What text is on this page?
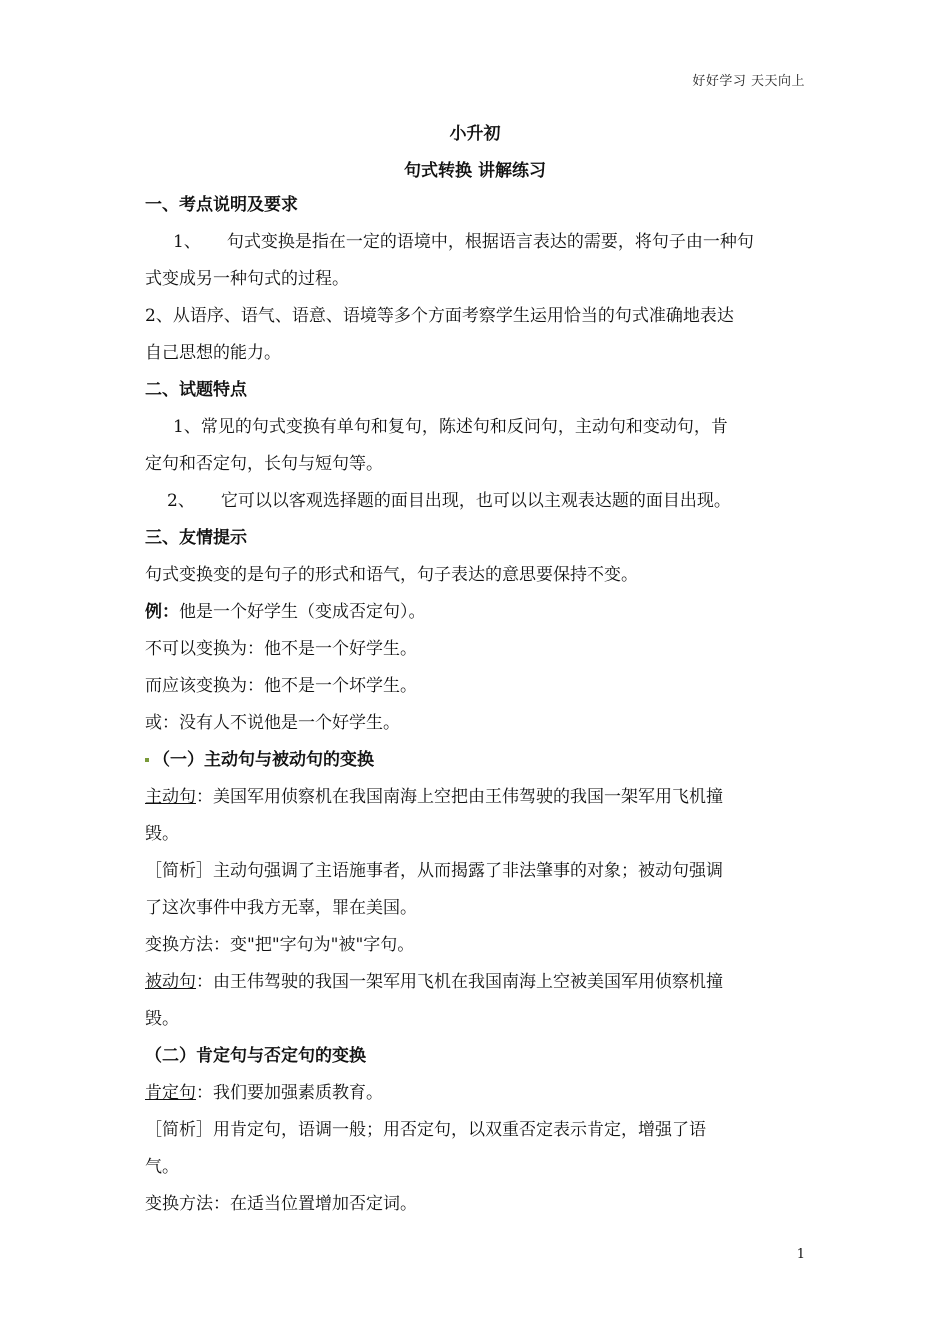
好好学习 天天向上
小升初
句式转换 讲解练习
一、考点说明及要求
1、 句式变换是指在一定的语境中，根据语言表达的需要，将句子由一种句
式变成另一种句式的过程。
2、从语序、语气、语意、语境等多个方面考察学生运用恰当的句式准确地表达
自己思想的能力。
二、试题特点
1、常见的句式变换有单句和复句，陈述句和反问句，主动句和变动句，肯
定句和否定句，长句与短句等。
2、 它可以以客观选择题的面目出现，也可以以主观表达题的面目出现。
三、友情提示
句式变换变的是句子的形式和语气，句子表达的意思要保持不变。
例：他是一个好学生（变成否定句）。
不可以变换为：他不是一个好学生。
而应该变换为：他不是一个坏学生。
或：没有人不说他是一个好学生。
（一）主动句与被动句的变换
主动句：美国军用侦察机在我国南海上空把由王伟驾驶的我国一架军用飞机撞
毁。
［简析］主动句强调了主语施事者，从而揭露了非法肇事的对象；被动句强调
了这次事件中我方无辜，罪在美国。
变换方法：变"把"字句为"被"字句。
被动句：由王伟驾驶的我国一架军用飞机在我国南海上空被美国军用侦察机撞
毁。
（二）肯定句与否定句的变换
肯定句：我们要加强素质教育。
［简析］用肯定句，语调一般；用否定句，以双重否定表示肯定，增强了语
气。
变换方法：在适当位置增加否定词。
1
